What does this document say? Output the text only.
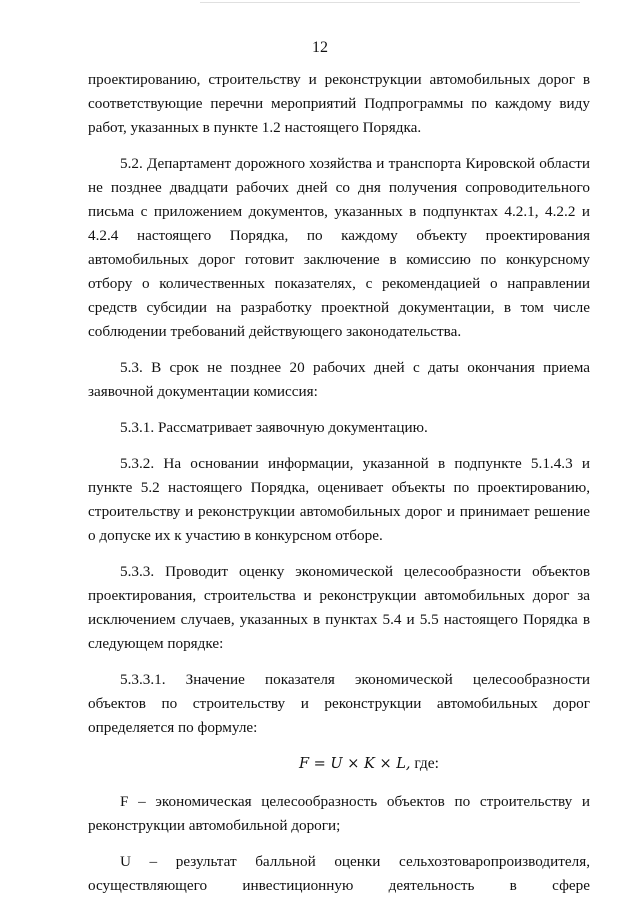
12

проектированию, строительству и реконструкции автомобильных дорог в
соответствующие перечни мероприятий Подпрограммы по каждому виду
работ, указанных в пункте 1.2 настоящего Порядка.

5.2. Департамент дорожного хозяйства и транспорта Кировской области
не позднее двадцати рабочих дней со дня получения сопроводительного
письма с приложением документов, указанных в подпунктах 4.2.1, 4.2.2 и
4.2.4 настоящего Порядка, по каждому объекту проектирования
автомобильных дорог готовит заключение в комиссию по конкурсному
отбору о количественных показателях, с рекомендацией о направлении
средств субсидии на разработку проектной документации, в том числе
соблюдении требований действующего законодательства.

5.3. В срок не позднее 20 рабочих дней с даты окончания приема
заявочной документации комиссия:

5.3.1. Рассматривает заявочную документацию.

5.3.2. На основании информации, указанной в подпункте 5.1.4.3 и
пункте 5.2 настоящего Порядка, оценивает объекты по проектированию,
строительству и реконструкции автомобильных дорог и принимает решение
о допуске их к участию в конкурсном отборе.

5.3.3. Проводит оценку экономической целесообразности объектов
проектирования, строительства и реконструкции автомобильных дорог за
исключением случаев, указанных в пунктах 5.4 и 5.5 настоящего Порядка в
следующем порядке:

5.3.3.1. Значение показателя экономической целесообразности
объектов по строительству и реконструкции автомобильных дорог
определяется по формуле:

F = U × K × L, где:

F – экономическая целесообразность объектов по строительству и
реконструкции автомобильной дороги;

U – результат балльной оценки сельхозтоваропроизводителя,
осуществляющего инвестиционную деятельность в сфере
